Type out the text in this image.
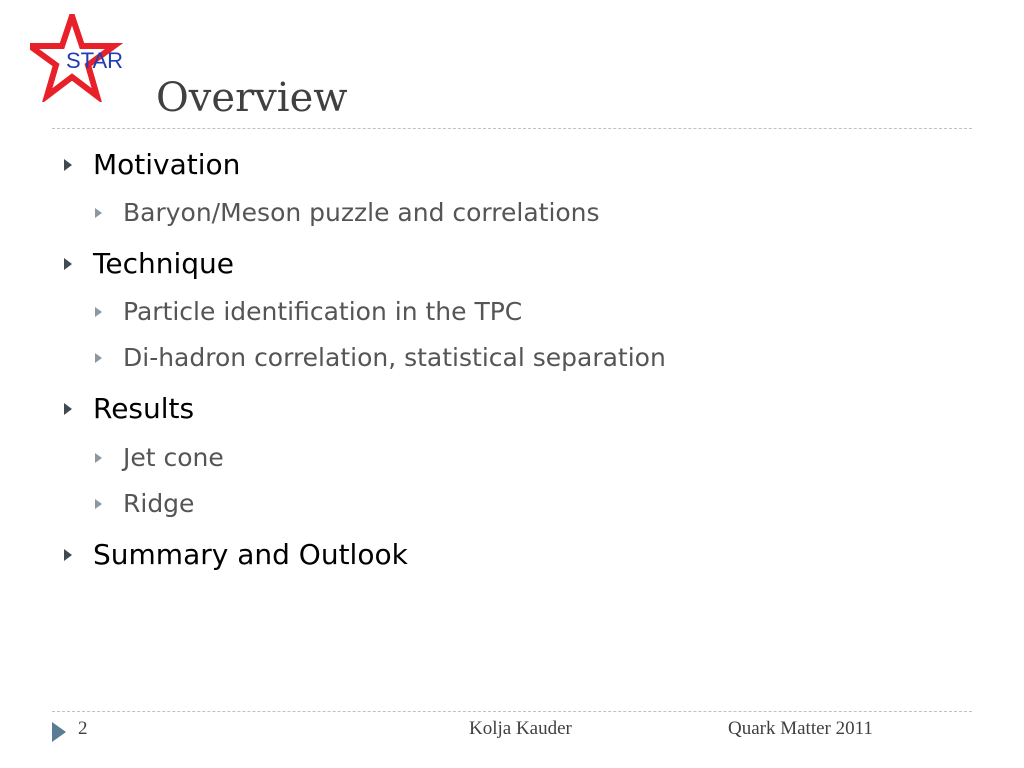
STAR
Overview
Motivation
Baryon/Meson puzzle and correlations
Technique
Particle identification in the TPC
Di-hadron correlation, statistical separation
Results
Jet cone
Ridge
Summary and Outlook
2	Kolja Kauder	Quark Matter 2011
